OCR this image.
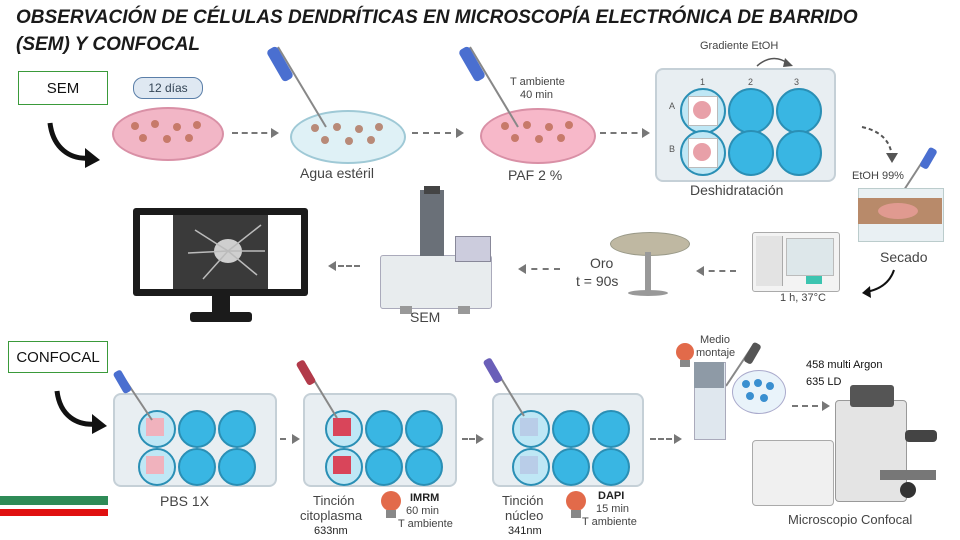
OBSERVACIÓN DE CÉLULAS DENDRÍTICAS EN MICROSCOPÍA ELECTRÓNICA DE BARRIDO (SEM) Y CONFOCAL
SEM	12 días
Agua estéril
T ambiente
40 min
PAF 2 %
Gradiente EtOH
1	2	3
A
B
Deshidratación
EtOH 99%
Secado
1 h, 37°C
Oro
t = 90s
SEM
CONFOCAL
PBS 1X	Tinción
citoplasma
633nm
IMRM
60 min
T ambiente
Tinción
núcleo
341nm
DAPI
15 min
T ambiente
Medio
montaje
458 multi Argon
635 LD
Microscopio Confocal
